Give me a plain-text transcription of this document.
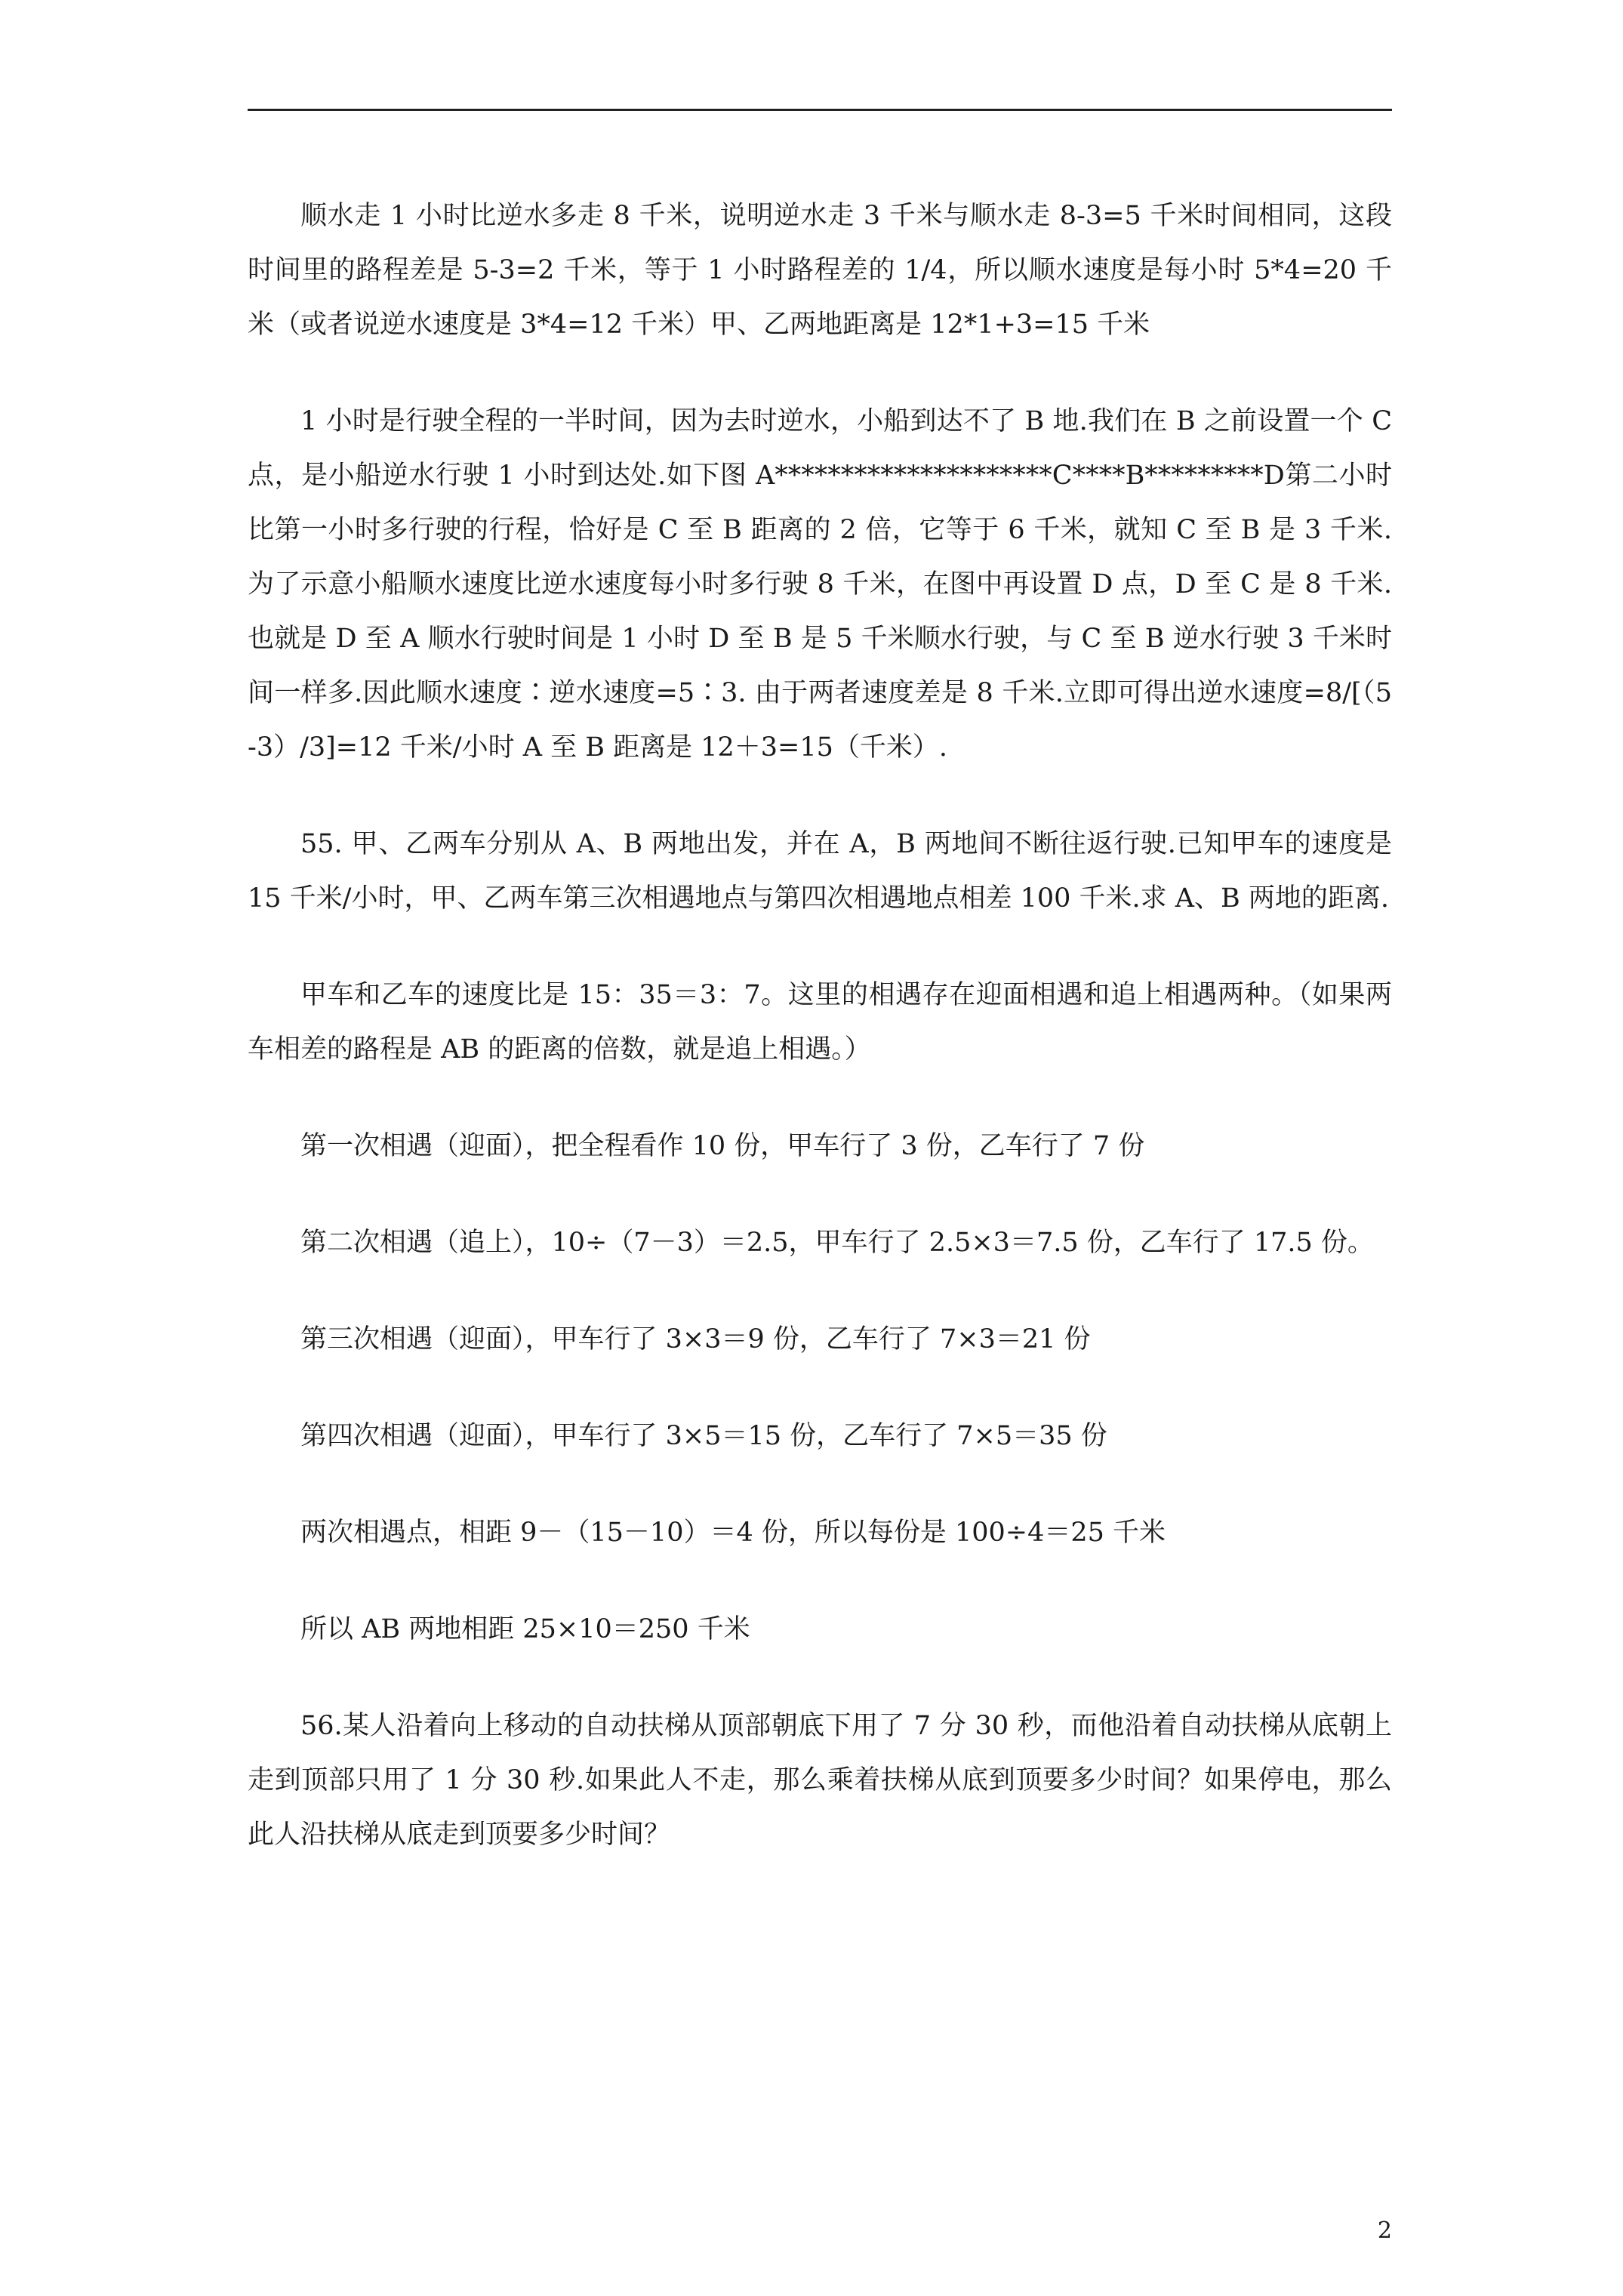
顺水走 1 小时比逆水多走 8 千米，说明逆水走 3 千米与顺水走 8-3=5 千米时间相同，这段时间里的路程差是 5-3=2 千米，等于 1 小时路程差的 1/4，所以顺水速度是每小时 5*4=20 千米（或者说逆水速度是 3*4=12 千米）甲、乙两地距离是 12*1+3=15 千米

1 小时是行驶全程的一半时间，因为去时逆水，小船到达不了 B 地.我们在 B 之前设置一个 C 点，是小船逆水行驶 1 小时到达处.如下图 A*********************C****B*********D第二小时比第一小时多行驶的行程，恰好是 C 至 B 距离的 2 倍，它等于 6 千米，就知 C 至 B 是 3 千米. 为了示意小船顺水速度比逆水速度每小时多行驶 8 千米，在图中再设置 D 点，D 至 C 是 8 千米.也就是 D 至 A 顺水行驶时间是 1 小时 D 至 B 是 5 千米顺水行驶，与 C 至 B 逆水行驶 3 千米时间一样多.因此顺水速度∶逆水速度=5∶3. 由于两者速度差是 8 千米.立即可得出逆水速度=8/[（5-3）/3]=12 千米/小时 A 至 B 距离是 12＋3=15（千米）.

55. 甲、乙两车分别从 A、B 两地出发，并在 A，B 两地间不断往返行驶.已知甲车的速度是 15 千米/小时，甲、乙两车第三次相遇地点与第四次相遇地点相差 100 千米.求 A、B 两地的距离.

甲车和乙车的速度比是 15：35＝3：7。这里的相遇存在迎面相遇和追上相遇两种。（如果两车相差的路程是 AB 的距离的倍数，就是追上相遇。）

第一次相遇（迎面），把全程看作 10 份，甲车行了 3 份，乙车行了 7 份

第二次相遇（追上），10÷（7－3）＝2.5，甲车行了 2.5×3＝7.5 份，乙车行了 17.5 份。

第三次相遇（迎面），甲车行了 3×3＝9 份，乙车行了 7×3＝21 份

第四次相遇（迎面），甲车行了 3×5＝15 份，乙车行了 7×5＝35 份

两次相遇点，相距 9－（15－10）＝4 份，所以每份是 100÷4＝25 千米

所以 AB 两地相距 25×10＝250 千米

56.某人沿着向上移动的自动扶梯从顶部朝底下用了 7 分 30 秒，而他沿着自动扶梯从底朝上走到顶部只用了 1 分 30 秒.如果此人不走，那么乘着扶梯从底到顶要多少时间？如果停电，那么此人沿扶梯从底走到顶要多少时间？

2
